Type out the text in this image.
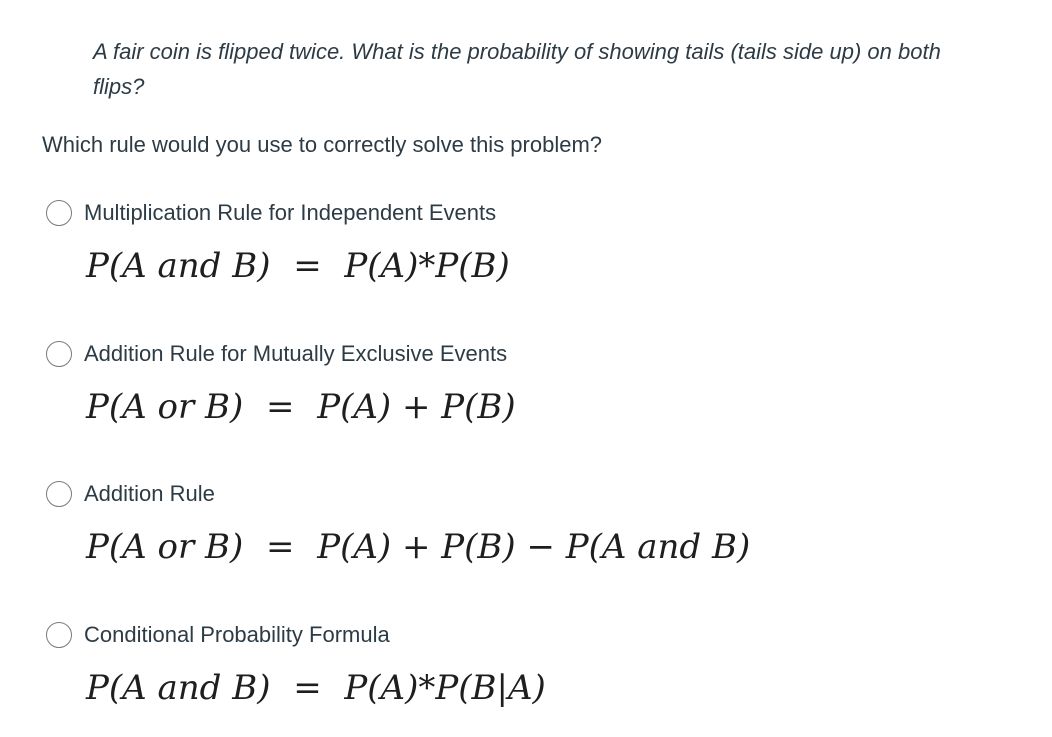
A fair coin is flipped twice. What is the probability of showing tails (tails side up) on both flips?
Which rule would you use to correctly solve this problem?
Multiplication Rule for Independent Events
P(A and B) = P(A)*P(B)
Addition Rule for Mutually Exclusive Events
P(A or B) = P(A) + P(B)
Addition Rule
P(A or B) = P(A) + P(B) − P(A and B)
Conditional Probability Formula
P(A and B) = P(A)*P(B|A)
